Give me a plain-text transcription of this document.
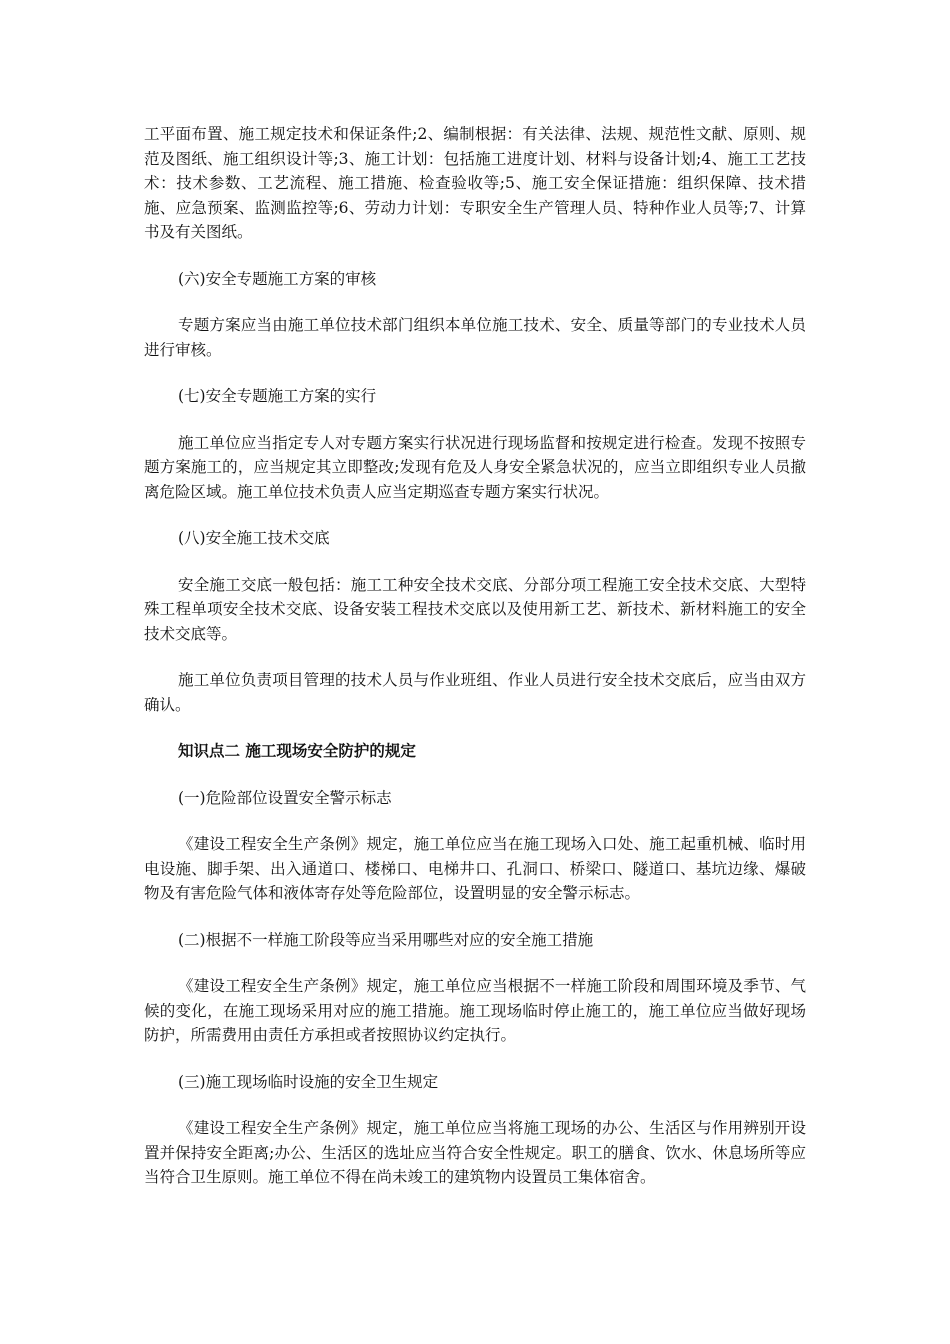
工平面布置、施工规定技术和保证条件;2、编制根据：有关法律、法规、规范性文献、原则、规范及图纸、施工组织设计等;3、施工计划：包括施工进度计划、材料与设备计划;4、施工工艺技术：技术参数、工艺流程、施工措施、检查验收等;5、施工安全保证措施：组织保障、技术措施、应急预案、监测监控等;6、劳动力计划：专职安全生产管理人员、特种作业人员等;7、计算书及有关图纸。

(六)安全专题施工方案的审核

专题方案应当由施工单位技术部门组织本单位施工技术、安全、质量等部门的专业技术人员进行审核。

(七)安全专题施工方案的实行

施工单位应当指定专人对专题方案实行状况进行现场监督和按规定进行检查。发现不按照专题方案施工的，应当规定其立即整改;发现有危及人身安全紧急状况的，应当立即组织专业人员撤离危险区域。施工单位技术负责人应当定期巡查专题方案实行状况。

(八)安全施工技术交底

安全施工交底一般包括：施工工种安全技术交底、分部分项工程施工安全技术交底、大型特殊工程单项安全技术交底、设备安装工程技术交底以及使用新工艺、新技术、新材料施工的安全技术交底等。

施工单位负责项目管理的技术人员与作业班组、作业人员进行安全技术交底后，应当由双方确认。

知识点二 施工现场安全防护的规定

(一)危险部位设置安全警示标志

《建设工程安全生产条例》规定，施工单位应当在施工现场入口处、施工起重机械、临时用电设施、脚手架、出入通道口、楼梯口、电梯井口、孔洞口、桥梁口、隧道口、基坑边缘、爆破物及有害危险气体和液体寄存处等危险部位，设置明显的安全警示标志。

(二)根据不一样施工阶段等应当采用哪些对应的安全施工措施

《建设工程安全生产条例》规定，施工单位应当根据不一样施工阶段和周围环境及季节、气候的变化，在施工现场采用对应的施工措施。施工现场临时停止施工的，施工单位应当做好现场防护，所需费用由责任方承担或者按照协议约定执行。

(三)施工现场临时设施的安全卫生规定

《建设工程安全生产条例》规定，施工单位应当将施工现场的办公、生活区与作用辨别开设置并保持安全距离;办公、生活区的选址应当符合安全性规定。职工的膳食、饮水、休息场所等应当符合卫生原则。施工单位不得在尚未竣工的建筑物内设置员工集体宿舍。
